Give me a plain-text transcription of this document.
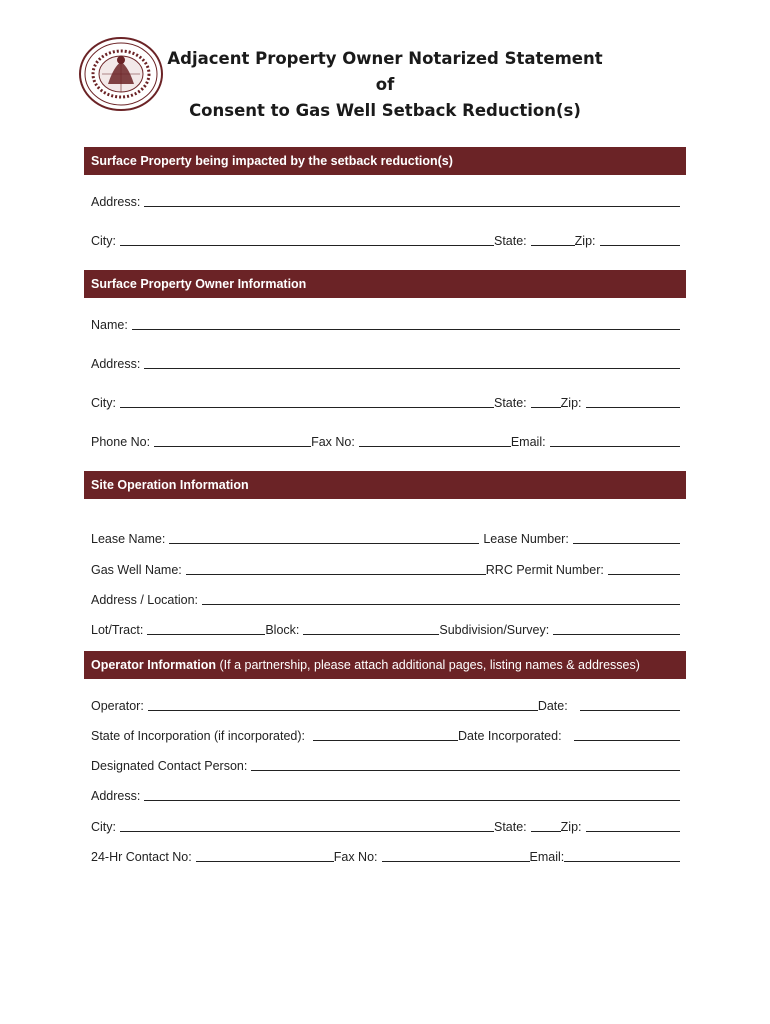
Adjacent Property Owner Notarized Statement of
Consent to Gas Well Setback Reduction(s)
Surface Property being impacted by the setback reduction(s)
Address:
City:	State:	Zip:
Surface Property Owner Information
Name:
Address:
City:	State:	Zip:
Phone No:	Fax No:	Email:
Site Operation Information
Lease Name:	Lease Number:
Gas Well Name:	RRC Permit Number:
Address / Location:
Lot/Tract:	Block:	Subdivision/Survey:
Operator Information (If a partnership, please attach additional pages, listing names & addresses)
Operator:	Date:
State of Incorporation (if incorporated):	Date Incorporated:
Designated Contact Person:
Address:
City:	State:	Zip:
24-Hr Contact No:	Fax No:	Email:
